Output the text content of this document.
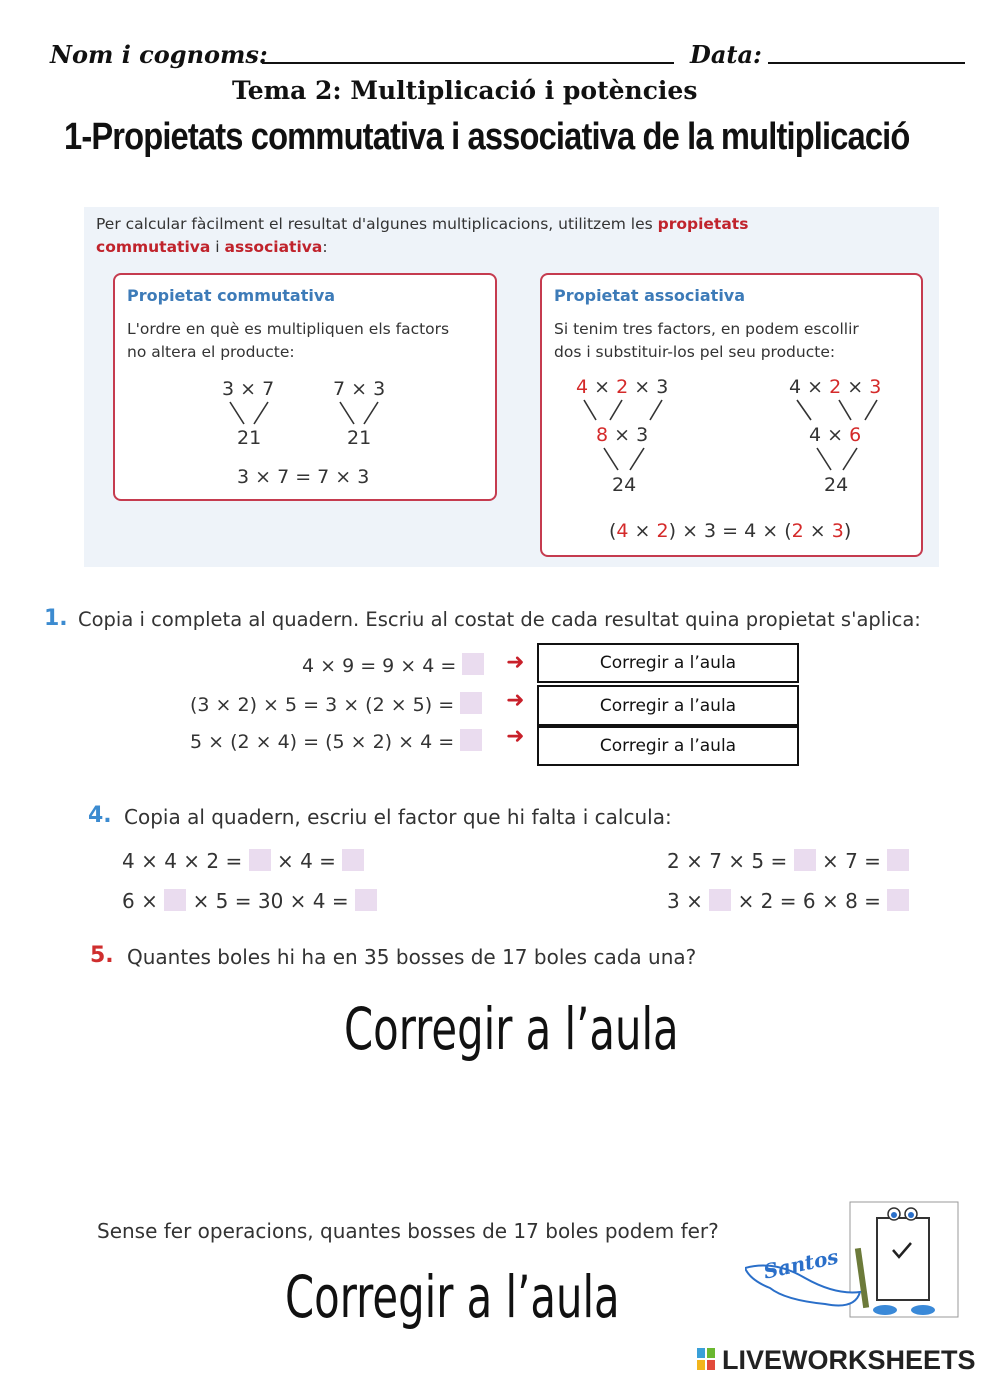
Nom i cognoms:	Data:
Tema 2: Multiplicació i potències
1-Propietats commutativa i associativa de la multiplicació
Per calcular fàcilment el resultat d'algunes multiplicacions, utilitzem les propietats commutativa i associativa:
Propietat commutativa
L'ordre en què es multipliquen els factors
no altera el producte:
3 × 7	7 × 3
21	21
3 × 7 = 7 × 3
Propietat associativa
Si tenim tres factors, en podem escollir
dos i substituir-los pel seu producte:
4 × 2 × 3
8 × 3
24
4 × 2 × 3
4 × 6
24
(4 × 2) × 3 = 4 × (2 × 3)
1. Copia i completa al quadern. Escriu al costat de cada resultat quina propietat s'aplica:
4 × 9 = 9 × 4 =	➜	Corregir a l’aula
(3 × 2) × 5 = 3 × (2 × 5) =	➜	Corregir a l’aula
5 × (2 × 4) = (5 × 2) × 4 =	➜	Corregir a l’aula
4. Copia al quadern, escriu el factor que hi falta i calcula:
4 × 4 × 2 = × 4 =
6 × × 5 = 30 × 4 =
2 × 7 × 5 = × 7 =
3 × × 2 = 6 × 8 =
5. Quantes boles hi ha en 35 bosses de 17 boles cada una?
Corregir a l’aula
Sense fer operacions, quantes bosses de 17 boles podem fer?
Corregir a l’aula	Santos
LIVEWORKSHEETS
